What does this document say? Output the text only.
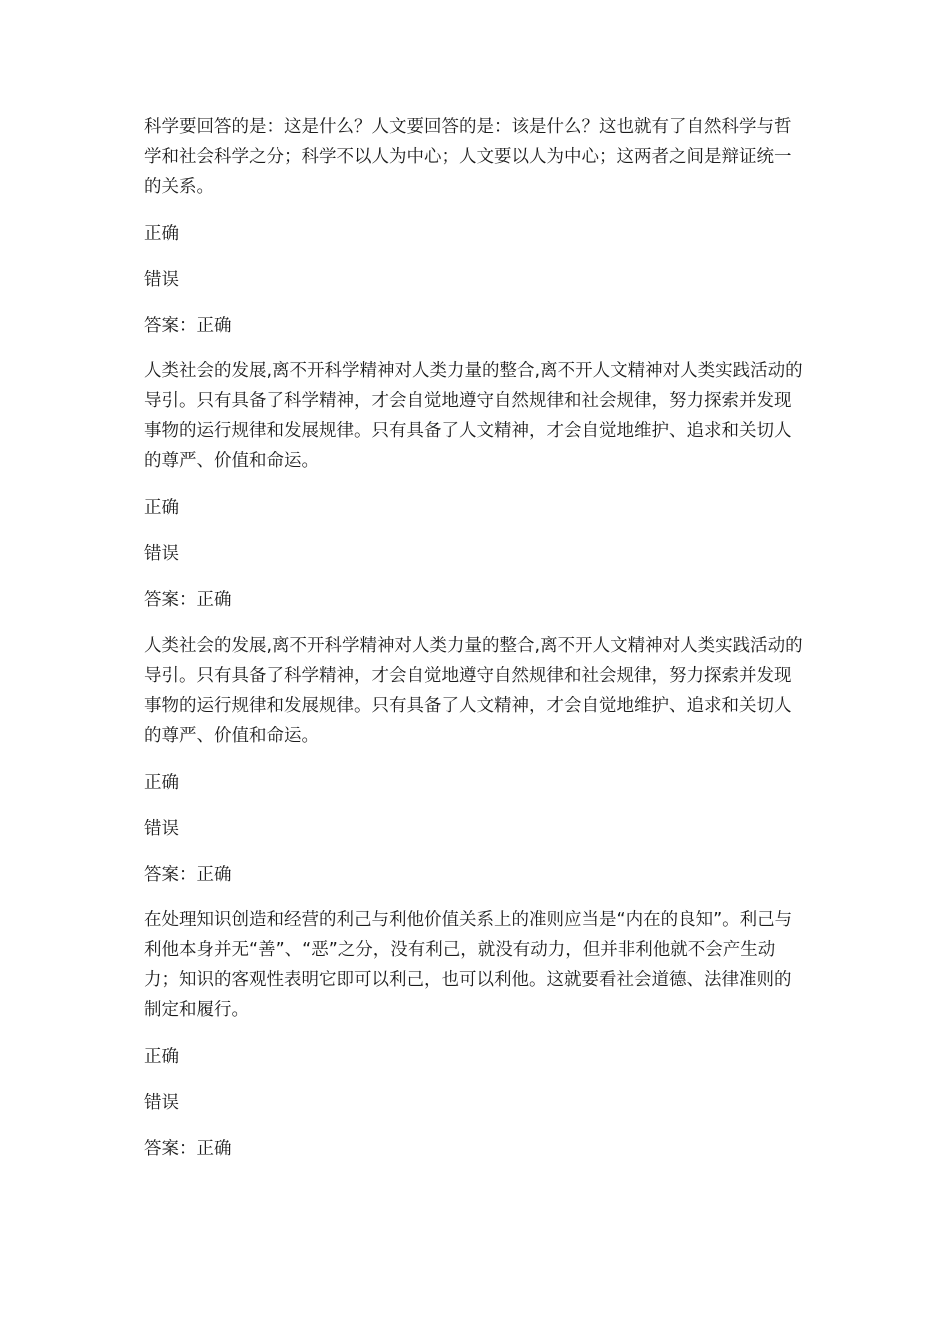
科学要回答的是：这是什么？人文要回答的是：该是什么？这也就有了自然科学与哲学和社会科学之分；科学不以人为中心；人文要以人为中心；这两者之间是辩证统一的关系。

正确

错误

答案：正确

人类社会的发展,离不开科学精神对人类力量的整合,离不开人文精神对人类实践活动的导引。只有具备了科学精神，才会自觉地遵守自然规律和社会规律，努力探索并发现事物的运行规律和发展规律。只有具备了人文精神，才会自觉地维护、追求和关切人的尊严、价值和命运。

正确

错误

答案：正确

人类社会的发展,离不开科学精神对人类力量的整合,离不开人文精神对人类实践活动的导引。只有具备了科学精神，才会自觉地遵守自然规律和社会规律，努力探索并发现事物的运行规律和发展规律。只有具备了人文精神，才会自觉地维护、追求和关切人的尊严、价值和命运。

正确

错误

答案：正确

在处理知识创造和经营的利己与利他价值关系上的准则应当是“内在的良知”。利己与利他本身并无“善”、“恶”之分，没有利己，就没有动力，但并非利他就不会产生动力；知识的客观性表明它即可以利己，也可以利他。这就要看社会道德、法律准则的制定和履行。

正确

错误

答案：正确
